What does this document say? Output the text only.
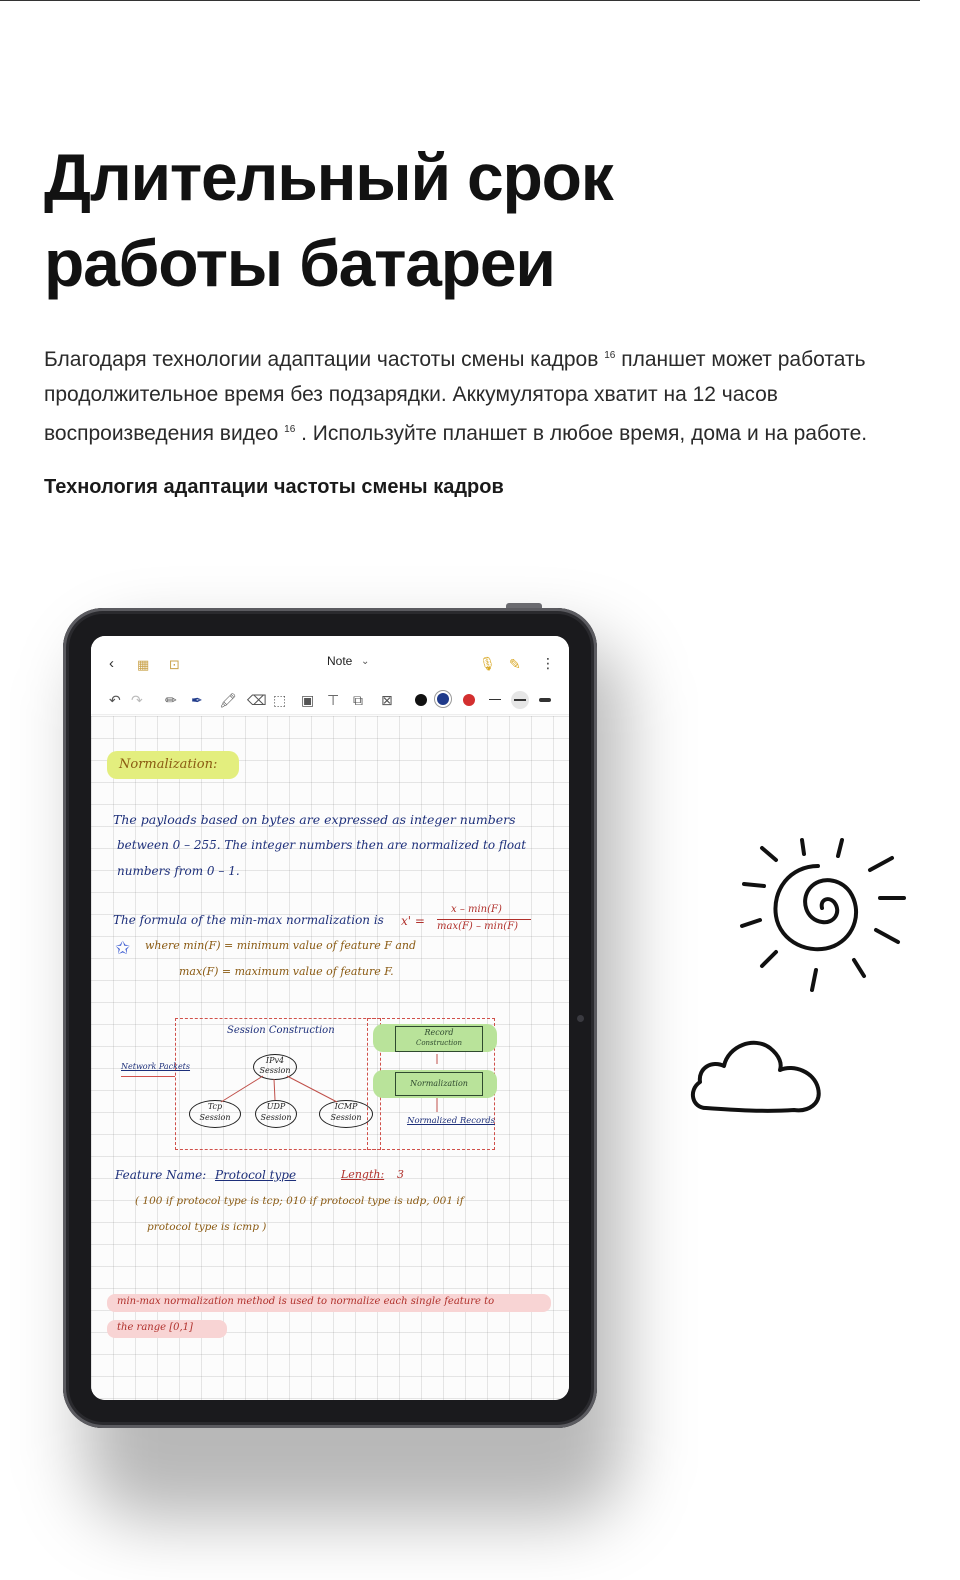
Длительный срок
работы батареи

Благодаря технологии адаптации частоты смены кадров $^{16}$ планшет может работать продолжительное время без подзарядки. Аккумулятора хватит на 12 часов воспроизведения видео $^{16}$ . Используйте планшет в любое время, дома и на работе.

Технология адаптации частоты смены кадров
‹ ▦ ⊡	Note ⌄	🎙 ✎ ⋮
↶ ↷ ✏ ✒ 🖍 ⌫ ⬚ ▣ ⊤ ⧉ ⊠
Normalization:
The payloads based on bytes are expressed as integer numbers
between 0 – 255. The integer numbers then are normalized to float
numbers from 0 – 1.
The formula of the min-max normalization is x' =
x – min(F)
max(F) – min(F)
✩ where min(F) = minimum value of feature F and
max(F) = maximum value of feature F.
Session Construction
Network Packets
IPv4
Session
Tcp
Session
UDP
Session
ICMP
Session
Record
Construction
Normalization
Normalized Records
Feature Name: Protocol type	Length: 3
( 100 if protocol type is tcp; 010 if protocol type is udp, 001 if
protocol type is icmp )
min-max normalization method is used to normalize each single feature to
the range [0,1]
